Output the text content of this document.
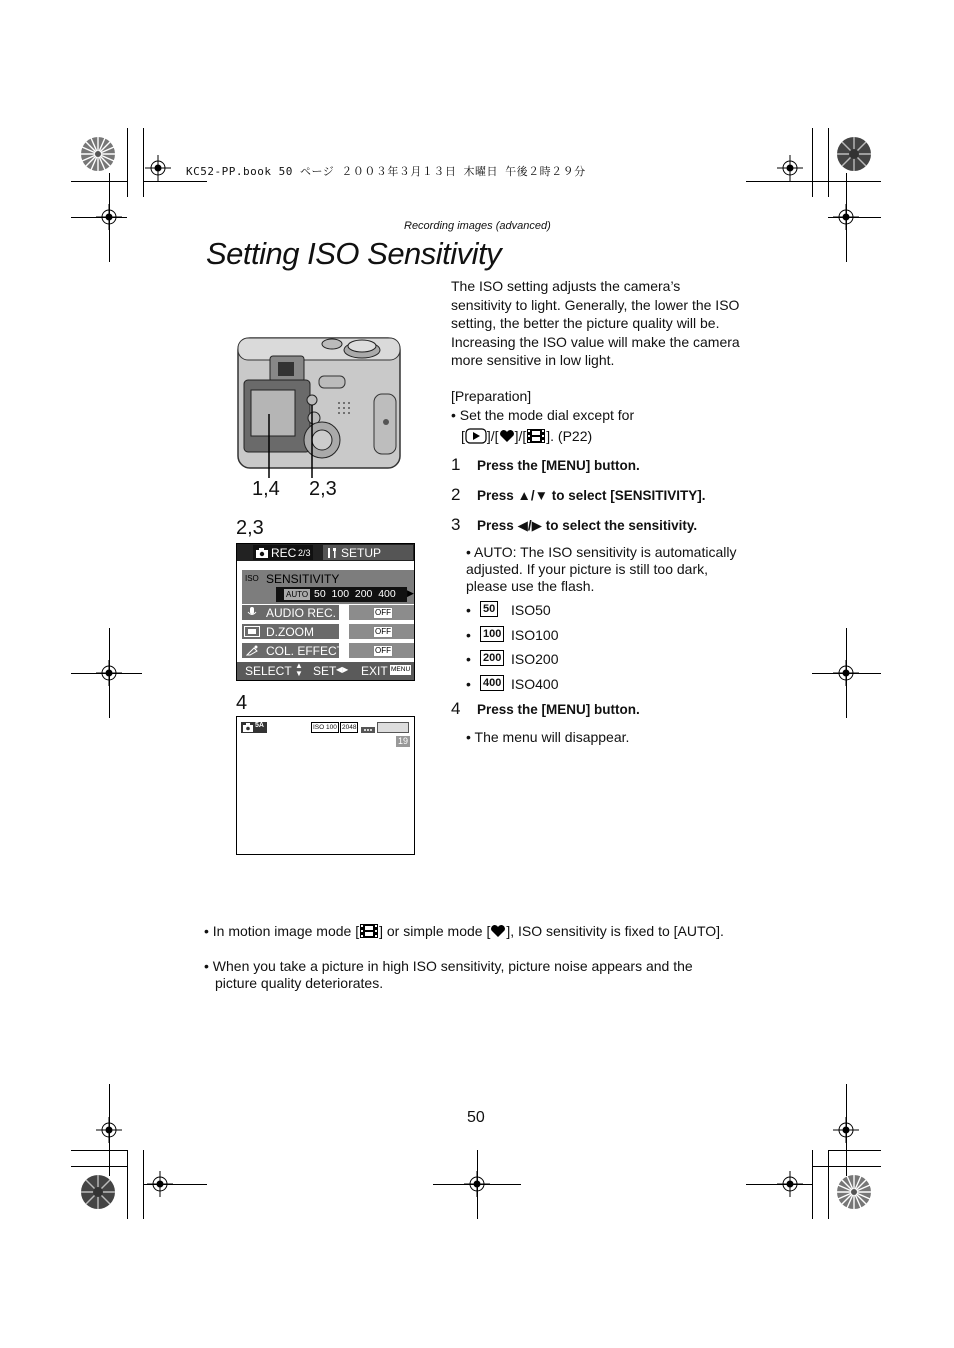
KC52-PP.book 50 ページ ２００３年３月１３日 木曜日 午後２時２９分
Recording images (advanced)
Setting ISO Sensitivity
1,4 2,3
2,3
REC 2/3	SETUP
ISO SENSITIVITY
AUTO 50  100  200  400 ▶
AUDIO REC.	OFF
D.ZOOM	OFF
COL. EFFECT	OFF
SELECT ▲
▼ SET ◀▶ EXIT MENU
4
5A	ISO 100 2048
19
The ISO setting adjusts the camera’s sensitivity to light. Generally, the lower the ISO setting, the better the picture quality will be. Increasing the ISO value will make the camera more sensitive in low light.
[Preparation]
• Set the mode dial except for
[ ]/[ ]/[ ]. (P22)
1 Press the [MENU] button.
2 Press ▲/▼ to select [SENSITIVITY].
3 Press ◀/▶ to select the sensitivity.
• AUTO: The ISO sensitivity is automatically adjusted. If your picture is still too dark, please use the flash.
• 50 ISO50
• 100 ISO100
• 200 ISO200
• 400 ISO400
4 Press the [MENU] button.
• The menu will disappear.
• In motion image mode [ ] or simple mode [ ], ISO sensitivity is fixed to [AUTO].
• When you take a picture in high ISO sensitivity, picture noise appears and the picture quality deteriorates.
50
